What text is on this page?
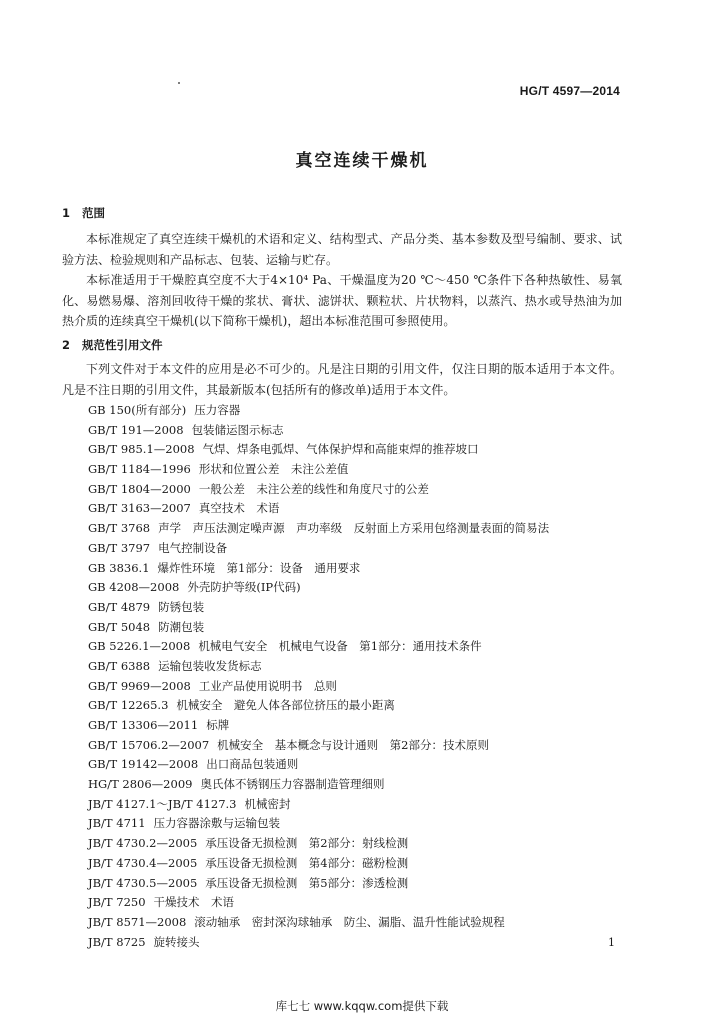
HG/T 4597—2014
真空连续干燥机
1 范围

本标准规定了真空连续干燥机的术语和定义、结构型式、产品分类、基本参数及型号编制、要求、试验方法、检验规则和产品标志、包装、运输与贮存。

本标准适用于干燥腔真空度不大于4×10⁴ Pa、干燥温度为20 ℃～450 ℃条件下各种热敏性、易氧化、易燃易爆、溶剂回收待干燥的浆状、膏状、滤饼状、颗粒状、片状物料，以蒸汽、热水或导热油为加热介质的连续真空干燥机(以下简称干燥机)，超出本标准范围可参照使用。

2 规范性引用文件

下列文件对于本文件的应用是必不可少的。凡是注日期的引用文件，仅注日期的版本适用于本文件。凡是不注日期的引用文件，其最新版本(包括所有的修改单)适用于本文件。

GB 150(所有部分) 压力容器
GB/T 191—2008 包装储运图示标志
GB/T 985.1—2008 气焊、焊条电弧焊、气体保护焊和高能束焊的推荐坡口
GB/T 1184—1996 形状和位置公差　未注公差值
GB/T 1804—2000 一般公差　未注公差的线性和角度尺寸的公差
GB/T 3163—2007 真空技术　术语
GB/T 3768 声学　声压法测定噪声源　声功率级　反射面上方采用包络测量表面的简易法
GB/T 3797 电气控制设备
GB 3836.1 爆炸性环境　第1部分：设备　通用要求
GB 4208—2008 外壳防护等级(IP代码)
GB/T 4879 防锈包装
GB/T 5048 防潮包装
GB 5226.1—2008 机械电气安全　机械电气设备　第1部分：通用技术条件
GB/T 6388 运输包装收发货标志
GB/T 9969—2008 工业产品使用说明书　总则
GB/T 12265.3 机械安全　避免人体各部位挤压的最小距离
GB/T 13306—2011 标牌
GB/T 15706.2—2007 机械安全　基本概念与设计通则　第2部分：技术原则
GB/T 19142—2008 出口商品包装通则
HG/T 2806—2009 奥氏体不锈钢压力容器制造管理细则
JB/T 4127.1～JB/T 4127.3 机械密封
JB/T 4711 压力容器涂敷与运输包装
JB/T 4730.2—2005 承压设备无损检测　第2部分：射线检测
JB/T 4730.4—2005 承压设备无损检测　第4部分：磁粉检测
JB/T 4730.5—2005 承压设备无损检测　第5部分：渗透检测
JB/T 7250 干燥技术　术语
JB/T 8571—2008 滚动轴承　密封深沟球轴承　防尘、漏脂、温升性能试验规程
JB/T 8725 旋转接头	1
库七七 www.kqqw.com提供下载
